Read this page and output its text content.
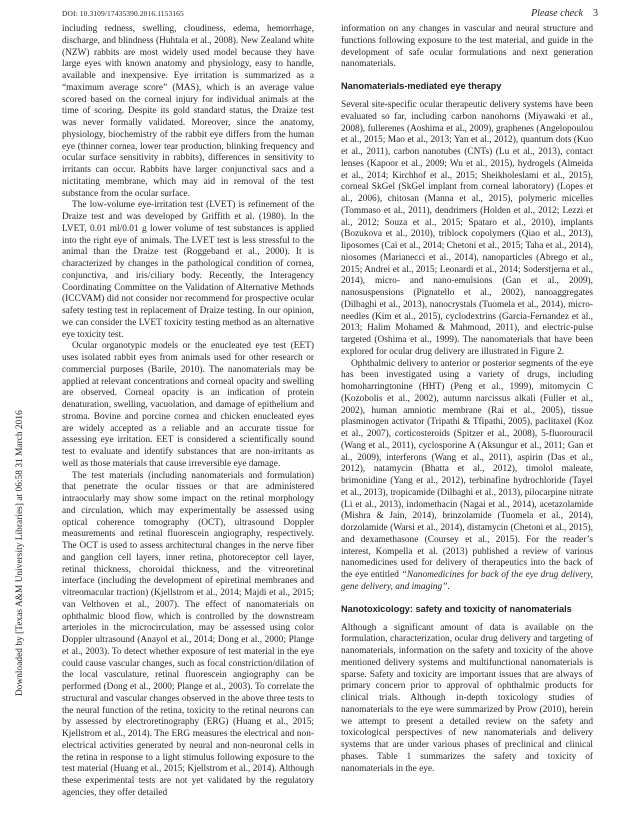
DOI: 10.3109/17435390.2016.1153165	Please check 3
Downloaded by [Texas A&M University Libraries] at 06:58 31 March 2016

including redness, swelling, cloudiness, edema, hemorrhage, discharge, and blindness (Huhtala et al., 2008). New Zealand white (NZW) rabbits are most widely used model because they have large eyes with known anatomy and physiology, easy to handle, available and inexpensive. Eye irritation is summarized as a “maximum average score” (MAS), which is an average value scored based on the corneal injury for individual animals at the time of scoring. Despite its gold standard status, the Draize test was never formally validated. Moreover, since the anatomy, physiology, biochemistry of the rabbit eye differs from the human eye (thinner cornea, lower tear production, blinking frequency and ocular surface sensitivity in rabbits), differences in sensitivity to irritants can occur. Rabbits have larger conjunctival sacs and a nictitating membrane, which may aid in removal of the test substance from the ocular surface.

The low-volume eye-irritation test (LVET) is refinement of the Draize test and was developed by Griffith et al. (1980). In the LVET, 0.01 ml/0.01 g lower volume of test substances is applied into the right eye of animals. The LVET test is less stressful to the animal than the Draize test (Roggeband et al., 2000). It is characterized by changes in the pathological condition of cornea, conjunctiva, and iris/ciliary body. Recently, the Interagency Coordinating Committee on the Validation of Alternative Methods (ICCVAM) did not consider nor recommend for prospective ocular safety testing test in replacement of Draize testing. In our opinion, we can consider the LVET toxicity testing method as an alternative eye toxicity test.

Ocular organotypic models or the enucleated eye test (EET) uses isolated rabbit eyes from animals used for other research or commercial purposes (Barile, 2010). The nanomaterials may be applied at relevant concentrations and corneal opacity and swelling are observed. Corneal opacity is an indication of protein denaturation, swelling, vacuolation, and damage of epithelium and stroma. Bovine and porcine cornea and chicken enucleated eyes are widely accepted as a reliable and an accurate tissue for assessing eye irritation. EET is considered a scientifically sound test to evaluate and identify substances that are non-irritants as well as those materials that cause irreversible eye damage.

The test materials (including nanomaterials and formulation) that penetrate the ocular tissues or that are administered intraocularly may show some impact on the retinal morphology and circulation, which may experimentally be assessed using optical coherence tomography (OCT), ultrasound Doppler measurements and retinal fluorescein angiography, respectively. The OCT is used to assess architectural changes in the nerve fiber and ganglion cell layers, inner retina, photoreceptor cell layer, retinal thickness, choroidal thickness, and the vitreoretinal interface (including the development of epiretinal membranes and vitreomacular traction) (Kjellstrom et al., 2014; Majdi et al., 2015; van Velthoven et al., 2007). The effect of nanomaterials on ophthalmic blood flow, which is controlled by the downstream arterioles in the microcirculation, may be assessed using color Doppler ultrasound (Anayol et al., 2014; Dong et al., 2000; Plange et al., 2003). To detect whether exposure of test material in the eye could cause vascular changes, such as focal constriction/dilation of the local vasculature, retinal fluorescein angiography can be performed (Dong et al., 2000; Plange et al., 2003). To correlate the structural and vascular changes observed in the above three tests to the neural function of the retina, toxicity to the retinal neurons can by assessed by electroretinography (ERG) (Huang et al., 2015; Kjellstrom et al., 2014). The ERG measures the electrical and non-electrical activities generated by neural and non-neuronal cells in the retina in response to a light stimulus following exposure to the test material (Huang et al., 2015; Kjellstrom et al., 2014). Although these experimental tests are not yet validated by the regulatory agencies, they offer detailed

information on any changes in vascular and neural structure and functions following exposure to the test material, and guide in the development of safe ocular formulations and next generation nanomaterials.

Nanomaterials-mediated eye therapy

Several site-specific ocular therapeutic delivery systems have been evaluated so far, including carbon nanohorns (Miyawaki et al., 2008), fullerenes (Aoshima et al., 2009), graphenes (Angelopoulou et al., 2015; Mao et al., 2013; Yan et al., 2012), quantum dots (Kuo et al., 2011), carbon nanotubes (CNTs) (Lu et al., 2013), contact lenses (Kapoor et al., 2009; Wu et al., 2015), hydrogels (Almeida et al., 2014; Kirchhof et al., 2015; Sheikholeslami et al., 2015), corneal SkGel (SkGel implant from corneal laboratory) (Lopes et al., 2006), chitosan (Manna et al., 2015), polymeric micelles (Tommaso et al., 2011), dendrimers (Holden et al., 2012; Lezzi et al., 2012; Souza et al., 2015; Spataro et al., 2010), implants (Bozukova et al., 2010), triblock copolymers (Qiao et al., 2013), liposomes (Cai et al., 2014; Chetoni et al., 2015; Taha et al., 2014), niosomes (Marianecci et al., 2014), nanoparticles (Abrego et al., 2015; Andrei et al., 2015; Leonardi et al., 2014; Soderstjerna et al., 2014), micro- and nano-emulsions (Gan et al., 2009), nanosuspensions (Pignatello et al., 2002), nanoaggregates (Dilbaghi et al., 2013), nanocrystals (Tuomela et al., 2014), micro-needles (Kim et al., 2015), cyclodextrins (Garcia-Fernandez et al., 2013; Halim Mohamed & Mahmoud, 2011), and electric-pulse targeted (Oshima et al., 1999). The nanomaterials that have been explored for ocular drug delivery are illustrated in Figure 2.

Ophthalmic delivery to anterior or posterior segments of the eye has been investigated using a variety of drugs, including homoharringtonine (HHT) (Peng et al., 1999), mitomycin C (Kozobolis et al., 2002), autumn narcissus alkali (Fuller et al., 2002), human amniotic membrane (Rai et al., 2005), tissue plasminogen activator (Tripathi & Tfipathi, 2005), paclitaxel (Koz et al., 2007), corticosteroids (Spitzer et al., 2008), 5-fluorouracil (Wang et al., 2011), cyclosporine A (Aksungur et al., 2011; Gan et al., 2009), interferons (Wang et al., 2011), aspirin (Das et al., 2012), natamycin (Bhatta et al., 2012), timolol maleate, brimonidine (Yang et al., 2012), terbinafine hydrochloride (Tayel et al., 2013), tropicamide (Dilbaghi et al., 2013), pilocarpine nitrate (Li et al., 2013), indomethacin (Nagai et al., 2014), acetazolamide (Mishra & Jain, 2014), brinzolamide (Tuomela et al., 2014), dorzolamide (Warsi et al., 2014), distamycin (Chetoni et al., 2015), and dexamethasone (Coursey et al., 2015). For the reader’s interest, Kompella et al. (2013) published a review of various nanomedicines used for delivery of therapeutics into the back of the eye entitled “Nanomedicines for back of the eye drug delivery, gene delivery, and imaging”.

Nanotoxicology: safety and toxicity of nanomaterials

Although a significant amount of data is available on the formulation, characterization, ocular drug delivery and targeting of nanomaterials, information on the safety and toxicity of the above mentioned delivery systems and multifunctional nanomaterials is sparse. Safety and toxicity are important issues that are always of primary concern prior to approval of ophthalmic products for clinical trials. Although in-depth toxicology studies of nanomaterials to the eye were summarized by Prow (2010), herein we attempt to present a detailed review on the safety and toxicological perspectives of new nanomaterials and delivery systems that are under various phases of preclinical and clinical phases. Table 1 summarizes the safety and toxicity of nanomaterials in the eye.
